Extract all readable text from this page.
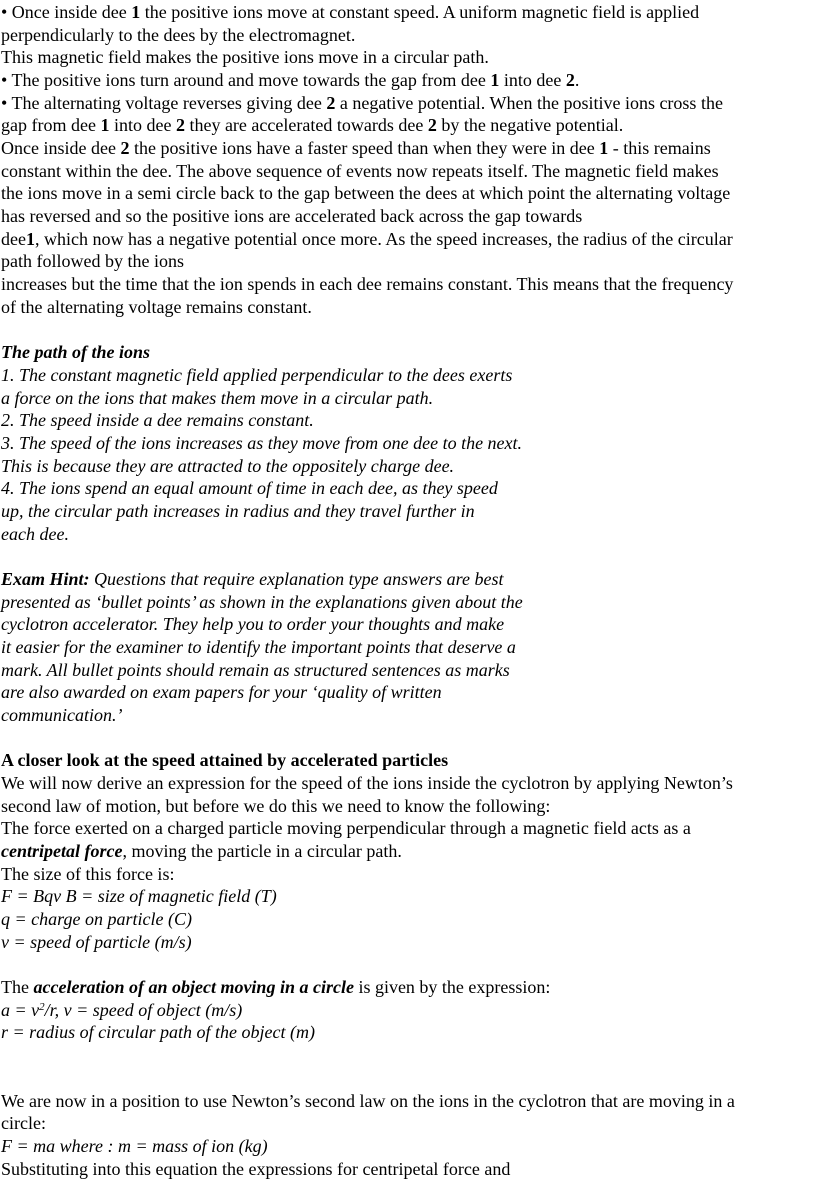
• Once inside dee 1 the positive ions move at constant speed. A uniform magnetic field is applied
perpendicularly to the dees by the electromagnet.
This magnetic field makes the positive ions move in a circular path.
• The positive ions turn around and move towards the gap from dee 1 into dee 2.
• The alternating voltage reverses giving dee 2 a negative potential. When the positive ions cross the
gap from dee 1 into dee 2 they are accelerated towards dee 2 by the negative potential.
Once inside dee 2 the positive ions have a faster speed than when they were in dee 1 - this remains
constant within the dee. The above sequence of events now repeats itself. The magnetic field makes
the ions move in a semi circle back to the gap between the dees at which point the alternating voltage
has reversed and so the positive ions are accelerated back across the gap towards
dee1, which now has a negative potential once more. As the speed increases, the radius of the circular
path followed by the ions
increases but the time that the ion spends in each dee remains constant. This means that the frequency
of the alternating voltage remains constant.
The path of the ions
1. The constant magnetic field applied perpendicular to the dees exerts
a force on the ions that makes them move in a circular path.
2. The speed inside a dee remains constant.
3. The speed of the ions increases as they move from one dee to the next.
This is because they are attracted to the oppositely charge dee.
4. The ions spend an equal amount of time in each dee, as they speed
up, the circular path increases in radius and they travel further in
each dee.
Exam Hint: Questions that require explanation type answers are best
presented as ‘bullet points’ as shown in the explanations given about the
cyclotron accelerator. They help you to order your thoughts and make
it easier for the examiner to identify the important points that deserve a
mark. All bullet points should remain as structured sentences as marks
are also awarded on exam papers for your ‘quality of written
communication.’
A closer look at the speed attained by accelerated particles
We will now derive an expression for the speed of the ions inside the cyclotron by applying Newton’s
second law of motion, but before we do this we need to know the following:
The force exerted on a charged particle moving perpendicular through a magnetic field acts as a
centripetal force, moving the particle in a circular path.
The size of this force is:
F = Bqv B = size of magnetic field (T)
q = charge on particle (C)
v = speed of particle (m/s)
The acceleration of an object moving in a circle is given by the expression:
$a = v^2/r$, v = speed of object (m/s)
r = radius of circular path of the object (m)
We are now in a position to use Newton’s second law on the ions in the cyclotron that are moving in a
circle:
F = ma where : m = mass of ion (kg)
Substituting into this equation the expressions for centripetal force and
